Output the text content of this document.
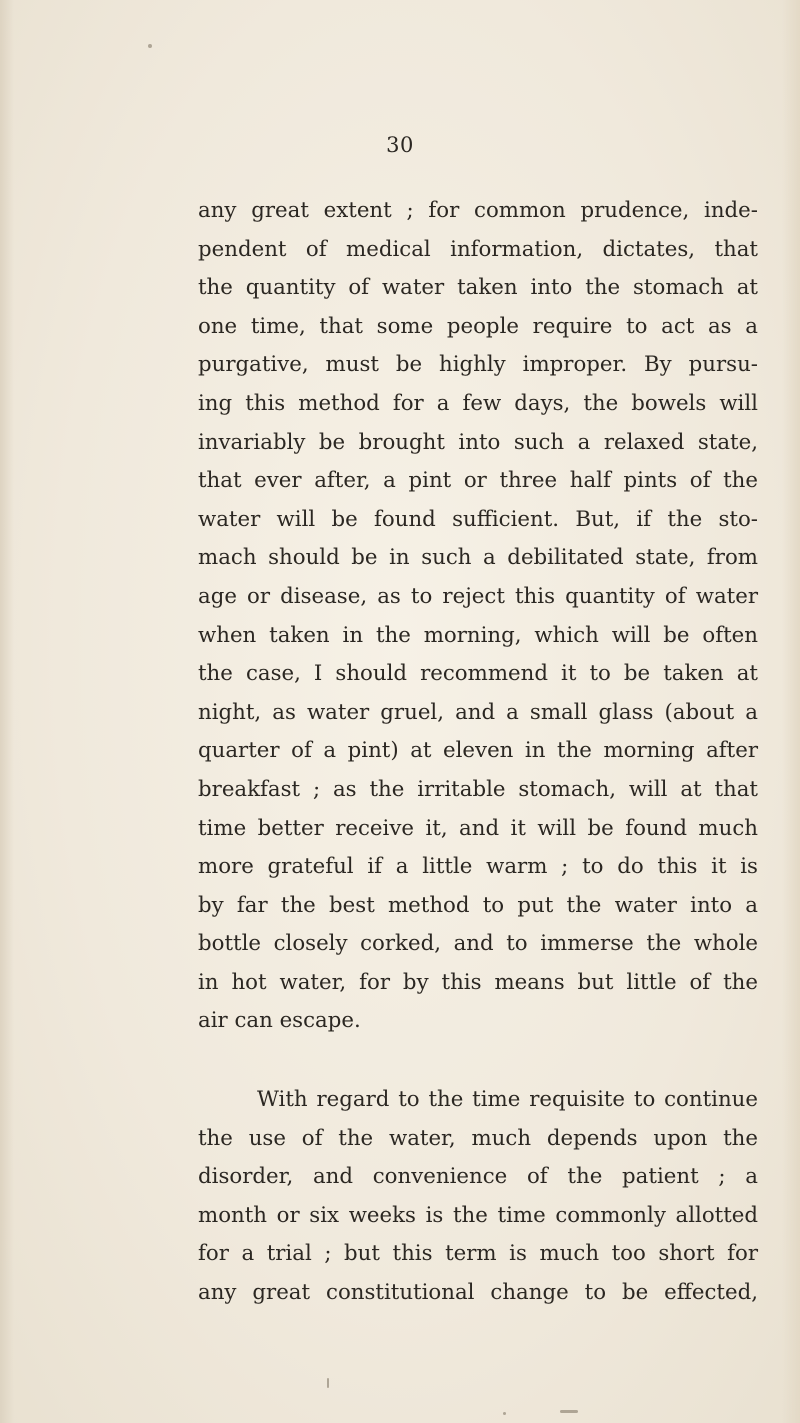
30
any great extent ; for common prudence, inde-
pendent of medical information, dictates, that
the quantity of water taken into the stomach at
one time, that some people require to act as a
purgative, must be highly improper. By pursu-
ing this method for a few days, the bowels will
invariably be brought into such a relaxed state,
that ever after, a pint or three half pints of the
water will be found sufficient. But, if the sto-
mach should be in such a debilitated state, from
age or disease, as to reject this quantity of water
when taken in the morning, which will be often
the case, I should recommend it to be taken at
night, as water gruel, and a small glass (about a
quarter of a pint) at eleven in the morning after
breakfast ; as the irritable stomach, will at that
time better receive it, and it will be found much
more grateful if a little warm ; to do this it is
by far the best method to put the water into a
bottle closely corked, and to immerse the whole
in hot water, for by this means but little of the
air can escape.
With regard to the time requisite to continue
the use of the water, much depends upon the
disorder, and convenience of the patient ; a
month or six weeks is the time commonly allotted
for a trial ; but this term is much too short for
any great constitutional change to be effected,
